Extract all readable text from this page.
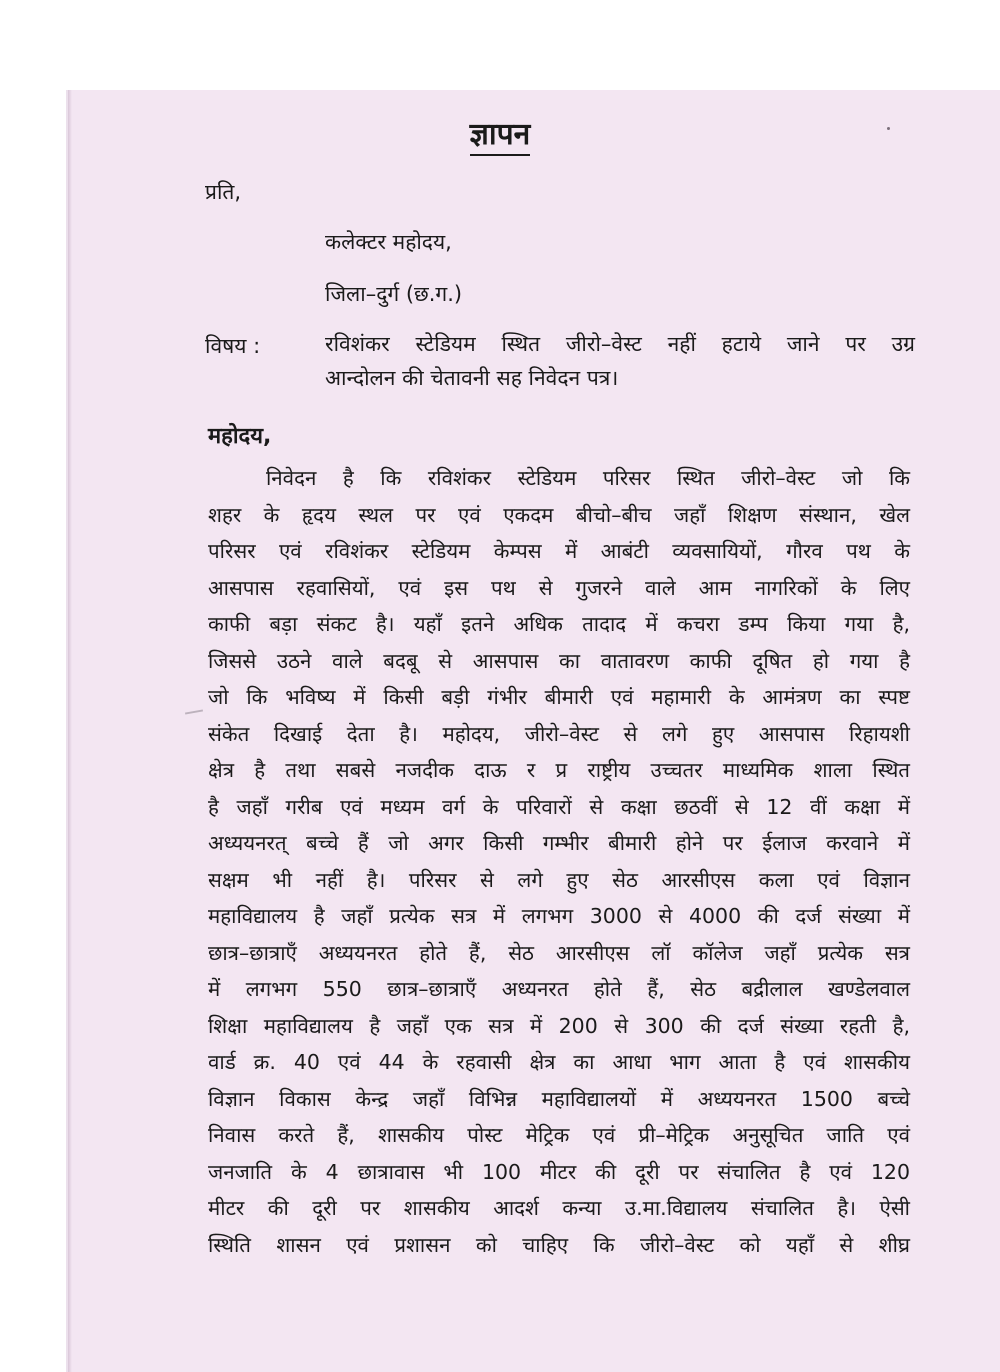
ज्ञापन
प्रति,
कलेक्टर महोदय,
जिला–दुर्ग (छ.ग.)
विषय :	रविशंकर स्टेडियम स्थित जीरो–वेस्ट नहीं हटाये जाने पर उग्र
आन्दोलन की चेतावनी सह निवेदन पत्र।
महोदय,
निवेदन है कि रविशंकर स्टेडियम परिसर स्थित जीरो–वेस्ट जो कि
शहर के हृदय स्थल पर एवं एकदम बीचो–बीच जहाँ शिक्षण संस्थान, खेल
परिसर एवं रविशंकर स्टेडियम केम्पस में आबंटी व्यवसायियों, गौरव पथ के
आसपास रहवासियों, एवं इस पथ से गुजरने वाले आम नागरिकों के लिए
काफी बड़ा संकट है। यहाँ इतने अधिक तादाद में कचरा डम्प किया गया है,
जिससे उठने वाले बदबू से आसपास का वातावरण काफी दूषित हो गया है
जो कि भविष्य में किसी बड़ी गंभीर बीमारी एवं महामारी के आमंत्रण का स्पष्ट
संकेत दिखाई देता है। महोदय, जीरो–वेस्ट से लगे हुए आसपास रिहायशी
क्षेत्र है तथा सबसे नजदीक दाऊ र प्र राष्ट्रीय उच्चतर माध्यमिक शाला स्थित
है जहाँ गरीब एवं मध्यम वर्ग के परिवारों से कक्षा छठवीं से 12 वीं कक्षा में
अध्ययनरत् बच्चे हैं जो अगर किसी गम्भीर बीमारी होने पर ईलाज करवाने में
सक्षम भी नहीं है। परिसर से लगे हुए सेठ आरसीएस कला एवं विज्ञान
महाविद्यालय है जहाँ प्रत्येक सत्र में लगभग 3000 से 4000 की दर्ज संख्या में
छात्र–छात्राएँ अध्ययनरत होते हैं, सेठ आरसीएस लॉ कॉलेज जहाँ प्रत्येक सत्र
में लगभग 550 छात्र–छात्राएँ अध्यनरत होते हैं, सेठ बद्रीलाल खण्डेलवाल
शिक्षा महाविद्यालय है जहाँ एक सत्र में 200 से 300 की दर्ज संख्या रहती है,
वार्ड क्र. 40 एवं 44 के रहवासी क्षेत्र का आधा भाग आता है एवं शासकीय
विज्ञान विकास केन्द्र जहाँ विभिन्न महाविद्यालयों में अध्ययनरत 1500 बच्चे
निवास करते हैं, शासकीय पोस्ट मेट्रिक एवं प्री–मेट्रिक अनुसूचित जाति एवं
जनजाति के 4 छात्रावास भी 100 मीटर की दूरी पर संचालित है एवं 120
मीटर की दूरी पर शासकीय आदर्श कन्या उ.मा.विद्यालय संचालित है। ऐसी
स्थिति शासन एवं प्रशासन को चाहिए कि जीरो–वेस्ट को यहाँ से शीघ्र
